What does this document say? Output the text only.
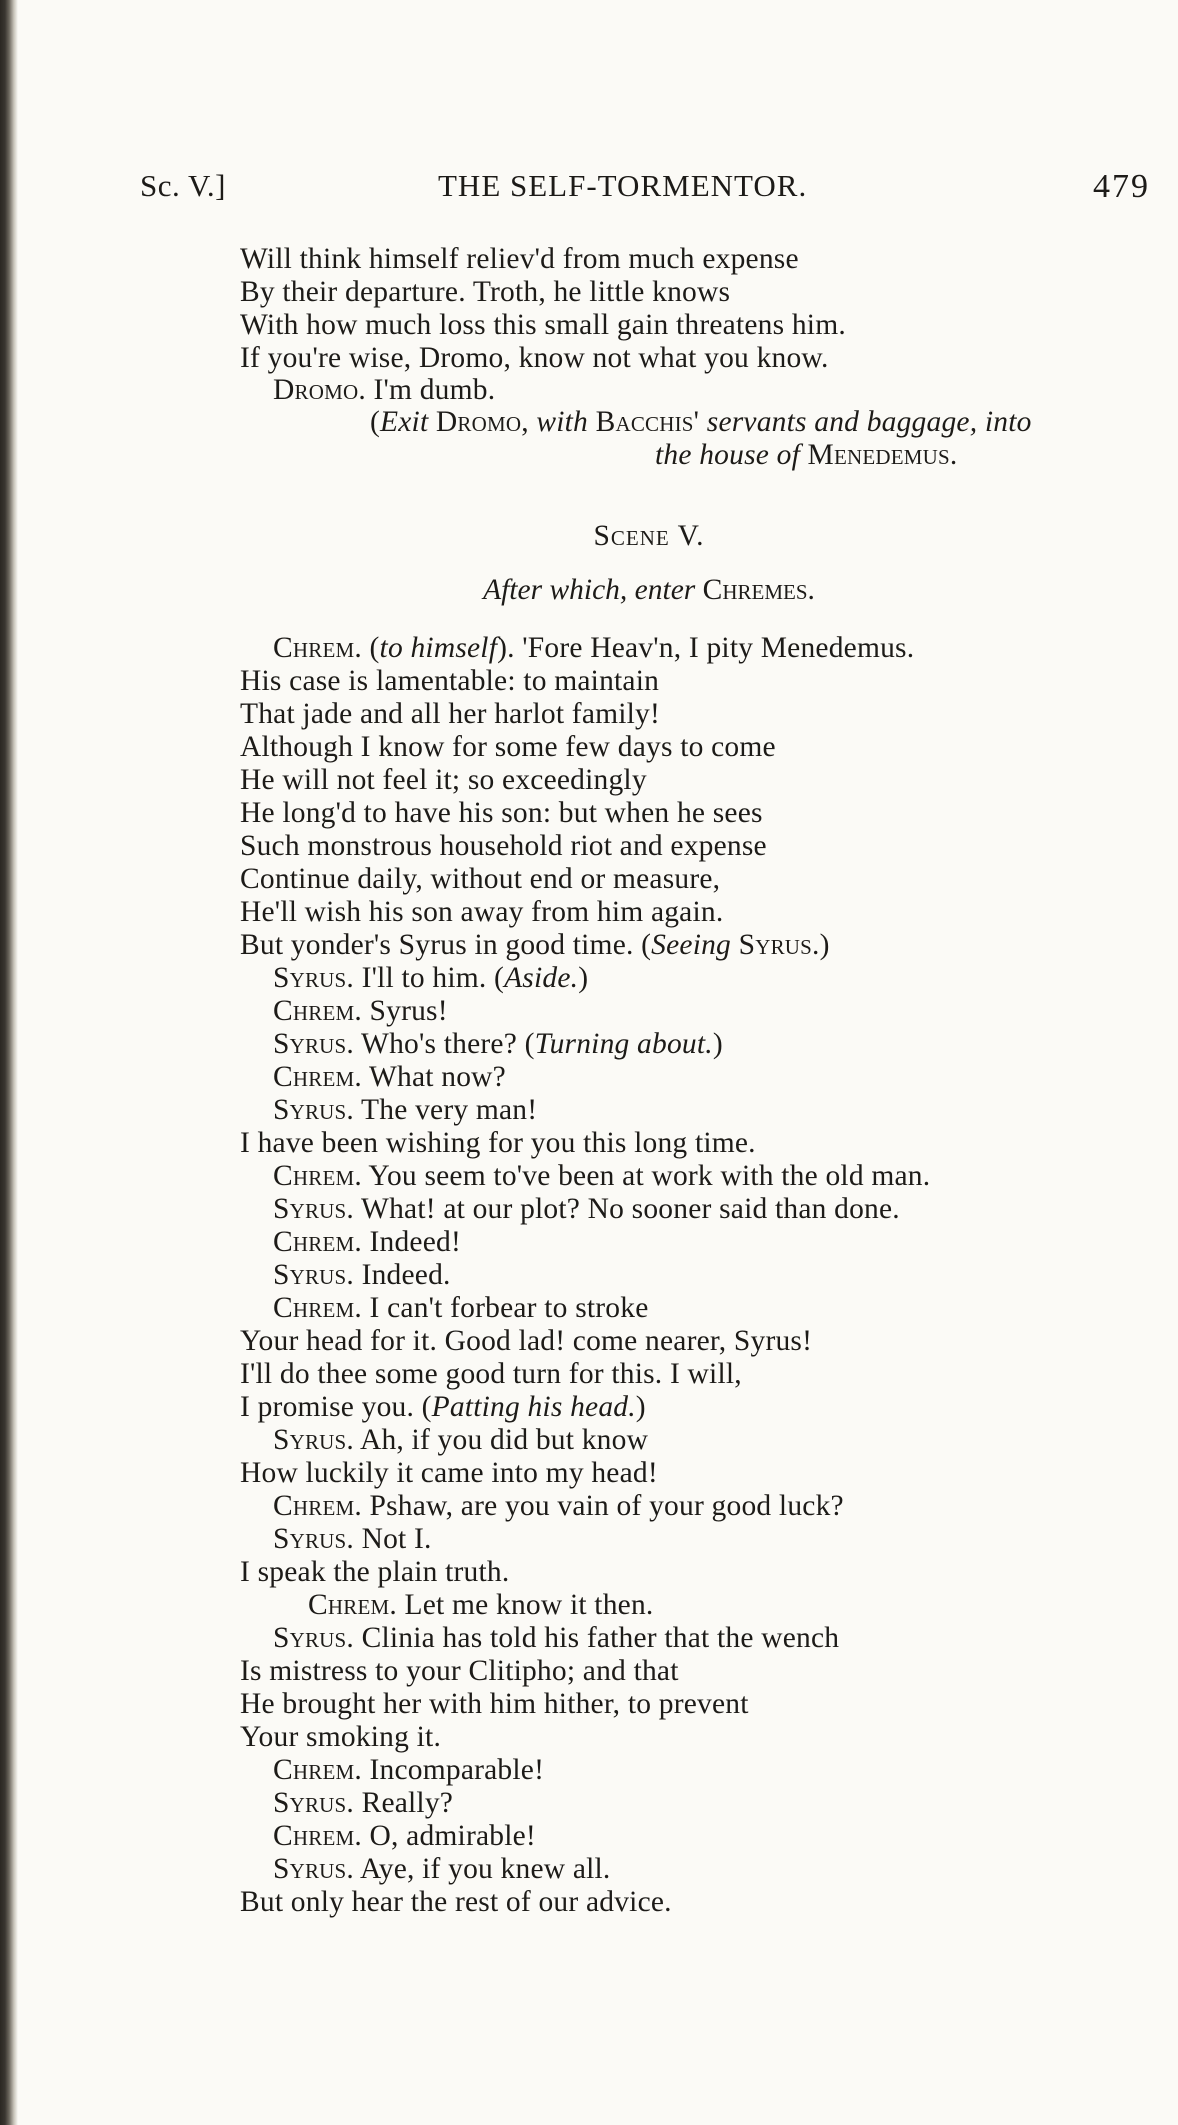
Sc. V.]	THE SELF-TORMENTOR.	479
Will think himself reliev'd from much expense
By their departure. Troth, he little knows
With how much loss this small gain threatens him.
If you're wise, Dromo, know not what you know.
Dromo. I'm dumb.
(Exit Dromo, with Bacchis' servants and baggage, into
the house of Menedemus.
Scene V.
After which, enter Chremes.
Chrem. (to himself). 'Fore Heav'n, I pity Menedemus.
His case is lamentable: to maintain
That jade and all her harlot family!
Although I know for some few days to come
He will not feel it; so exceedingly
He long'd to have his son: but when he sees
Such monstrous household riot and expense
Continue daily, without end or measure,
He'll wish his son away from him again.
But yonder's Syrus in good time. (Seeing Syrus.)
Syrus. I'll to him. (Aside.)
Chrem. Syrus!
Syrus. Who's there? (Turning about.)
Chrem. What now?
Syrus. The very man!
I have been wishing for you this long time.
Chrem. You seem to've been at work with the old man.
Syrus. What! at our plot? No sooner said than done.
Chrem. Indeed!
Syrus. Indeed.
Chrem. I can't forbear to stroke
Your head for it. Good lad! come nearer, Syrus!
I'll do thee some good turn for this. I will,
I promise you. (Patting his head.)
Syrus. Ah, if you did but know
How luckily it came into my head!
Chrem. Pshaw, are you vain of your good luck?
Syrus. Not I.
I speak the plain truth.
Chrem. Let me know it then.
Syrus. Clinia has told his father that the wench
Is mistress to your Clitipho; and that
He brought her with him hither, to prevent
Your smoking it.
Chrem. Incomparable!
Syrus. Really?
Chrem. O, admirable!
Syrus. Aye, if you knew all.
But only hear the rest of our advice.
